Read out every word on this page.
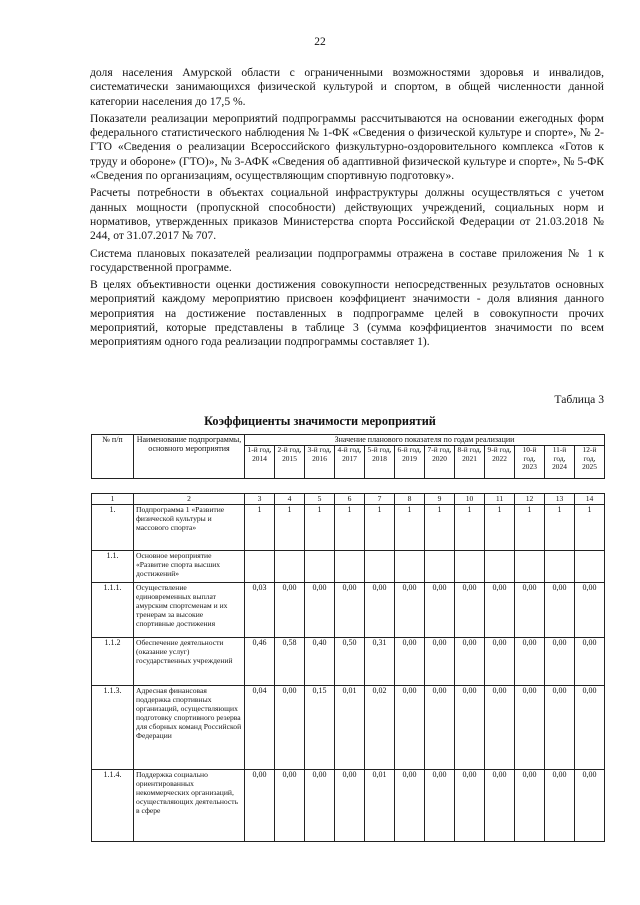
22

доля населения Амурской области с ограниченными возможностями здоровья и инвалидов, систематически занимающихся физической культурой и спортом, в общей численности данной категории населения до 17,5 %.

Показатели реализации мероприятий подпрограммы рассчитываются на основании ежегодных форм федерального статистического наблюдения № 1-ФК «Сведения о физической культуре и спорте», № 2-ГТО «Сведения о реализации Всероссийского физкультурно-оздоровительного комплекса «Готов к труду и обороне» (ГТО)», № 3-АФК «Сведения об адаптивной физической культуре и спорте», № 5-ФК «Сведения по организациям, осуществляющим спортивную подготовку».

Расчеты потребности в объектах социальной инфраструктуры должны осуществляться с учетом данных мощности (пропускной способности) действующих учреждений, социальных норм и нормативов, утвержденных приказов Министерства спорта Российской Федерации от 21.03.2018 № 244, от 31.07.2017 № 707.

Система плановых показателей реализации подпрограммы отражена в составе приложения № 1 к государственной программе.

В целях объективности оценки достижения совокупности непосредственных результатов основных мероприятий каждому мероприятию присвоен коэффициент значимости - доля влияния данного мероприятия на достижение поставленных в подпрограмме целей в совокупности прочих мероприятий, которые представлены в таблице 3 (сумма коэффициентов значимости по всем мероприятиям одного года реализации подпрограммы составляет 1).

Таблица 3
Коэффициенты значимости мероприятий
№ п/п	Наименование подпрограммы, основного мероприятия	Значение планового показателя по годам реализации											
		1-й год, 2014	2-й год, 2015	3-й год, 2016	4-й год, 2017	5-й год, 2018	6-й год, 2019	7-й год, 2020	8-й год, 2021	9-й год, 2022	10-й год, 2023	11-й год, 2024	12-й год, 2025
1	2	3	4	5	6	7	8	9	10	11	12	13	14
1.	Подпрограмма 1 «Развитие физической культуры и массового спорта»	1	1	1	1	1	1	1	1	1	1	1	1
1.1.	Основное мероприятие «Развитие спорта высших достижений»												
1.1.1.	Осуществление единовременных выплат амурским спортсменам и их тренерам за высокие спортивные достижения	0,03	0,00	0,00	0,00	0,00	0,00	0,00	0,00	0,00	0,00	0,00	0,00
1.1.2	Обеспечение деятельности (оказание услуг) государственных учреждений	0,46	0,58	0,40	0,50	0,31	0,00	0,00	0,00	0,00	0,00	0,00	0,00
1.1.3.	Адресная финансовая поддержка спортивных организаций, осуществляющих подготовку спортивного резерва для сборных команд Российской Федерации	0,04	0,00	0,15	0,01	0,02	0,00	0,00	0,00	0,00	0,00	0,00	0,00
1.1.4.	Поддержка социально ориентированных некоммерческих организаций, осуществляющих деятельность в сфере	0,00	0,00	0,00	0,00	0,01	0,00	0,00	0,00	0,00	0,00	0,00	0,00
